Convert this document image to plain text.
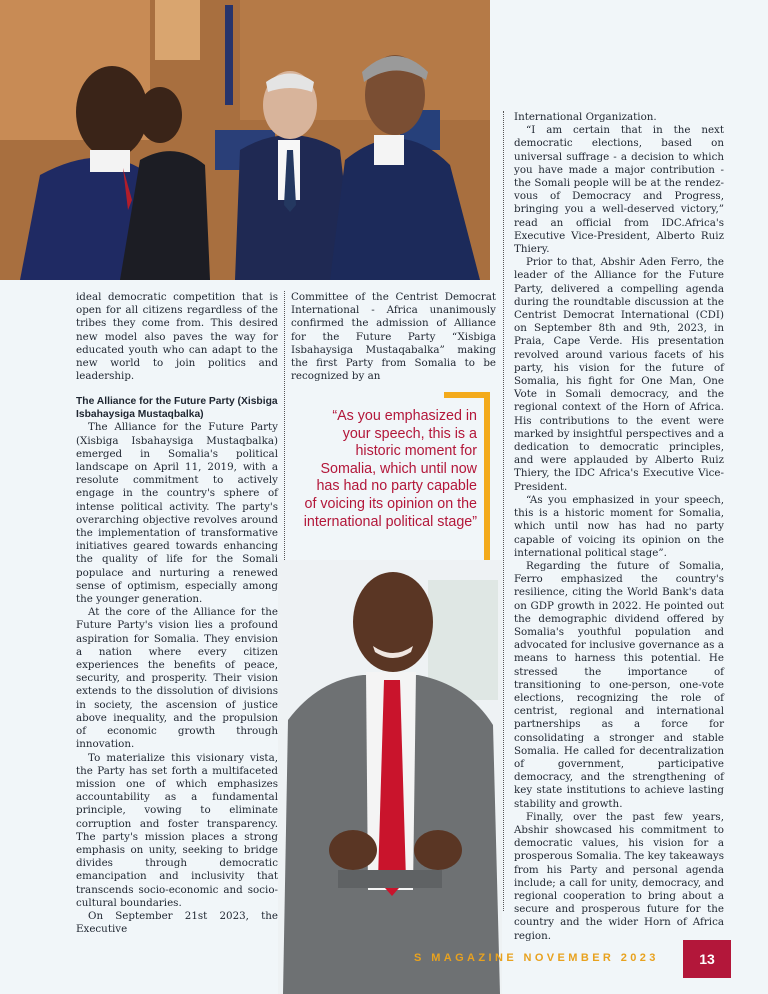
ideal democratic competition that is open for all citizens regardless of the tribes they come from. This desired new model also paves the way for educated youth who can adapt to the new world to join politics and leadership.

The Alliance for the Future Party (Xisbiga Isbahaysiga Mustaqbalka)

The Alliance for the Future Party (Xisbiga Isbahaysiga Mustaqbalka) emerged in Somalia's political landscape on April 11, 2019, with a resolute commitment to actively engage in the country's sphere of intense political activity. The party's overarching objective revolves around the implementation of transformative initiatives geared towards enhancing the quality of life for the Somali populace and nurturing a renewed sense of optimism, especially among the younger generation.

At the core of the Alliance for the Future Party's vision lies a profound aspiration for Somalia. They envision a nation where every citizen experiences the benefits of peace, security, and prosperity. Their vision extends to the dissolution of divisions in society, the ascension of justice above inequality, and the propulsion of economic growth through innovation.

To materialize this visionary vista, the Party has set forth a multifaceted mission one of which emphasizes accountability as a fundamental principle, vowing to eliminate corruption and foster transparency. The party's mission places a strong emphasis on unity, seeking to bridge divides through democratic emancipation and inclusivity that transcends socio-economic and socio-cultural boundaries.

On September 21st 2023, the Executive

Committee of the Centrist Democrat International - Africa unanimously confirmed the admission of Alliance for the Future Party “Xisbiga Isbahaysiga Mustaqabalka” making the first Party from Somalia to be recognized by an

“As you emphasized in your speech, this is a historic moment for Somalia, which until now has had no party capable of voicing its opinion on the international political stage”

International Organization.

“I am certain that in the next democratic elections, based on universal suffrage - a decision to which you have made a major contribution - the Somali people will be at the rendez-vous of Democracy and Progress, bringing you a well-deserved victory,” read an official from IDC.Africa's Executive Vice-President, Alberto Ruiz Thiery.

Prior to that, Abshir Aden Ferro, the leader of the Alliance for the Future Party, delivered a compelling agenda during the roundtable discussion at the Centrist Democrat International (CDI) on September 8th and 9th, 2023, in Praia, Cape Verde. His presentation revolved around various facets of his party, his vision for the future of Somalia, his fight for One Man, One Vote in Somali democracy, and the regional context of the Horn of Africa. His contributions to the event were marked by insightful perspectives and a dedication to democratic principles, and were applauded by Alberto Ruiz Thiery, the IDC Africa's Executive Vice-President.

“As you emphasized in your speech, this is a historic moment for Somalia, which until now has had no party capable of voicing its opinion on the international political stage”.

Regarding the future of Somalia, Ferro emphasized the country's resilience, citing the World Bank's data on GDP growth in 2022. He pointed out the demographic dividend offered by Somalia's youthful population and advocated for inclusive governance as a means to harness this potential. He stressed the importance of transitioning to one-person, one-vote elections, recognizing the role of centrist, regional and international partnerships as a force for consolidating a stronger and stable Somalia. He called for decentralization of government, participative democracy, and the strengthening of key state institutions to achieve lasting stability and growth.

Finally, over the past few years, Abshir showcased his commitment to democratic values, his vision for a prosperous Somalia. The key takeaways from his Party and personal agenda include; a call for unity, democracy, and regional cooperation to bring about a secure and prosperous future for the country and the wider Horn of Africa region.

S MAGAZINE NOVEMBER 2023	13
